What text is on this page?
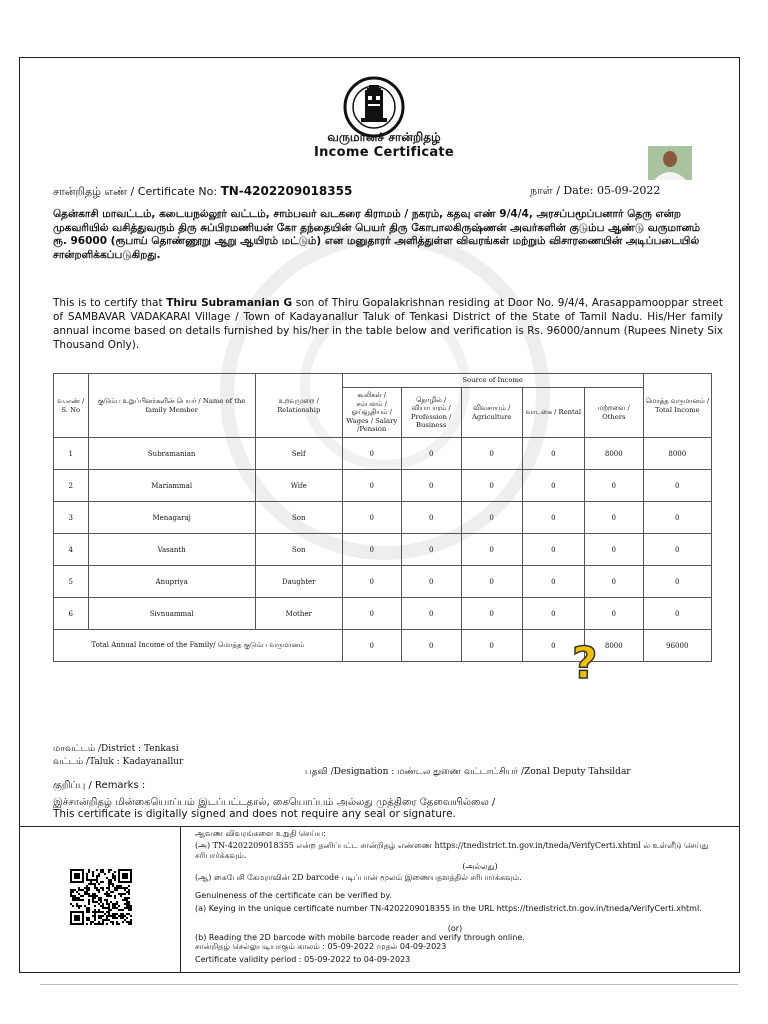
வருமானச் சான்றிதழ்
Income Certificate
சான்றிதழ் எண் / Certificate No: TN-4202209018355	நாள் / Date: 05-09-2022
தென்காசி மாவட்டம், கடையநல்லூர் வட்டம், சாம்பவர் வடகரை கிராமம் / நகரம், கதவு எண் 9/4/4, அரசப்பமூப்பனார் தெரு என்ற முகவரியில் வசித்துவரும் திரு சுப்பிரமணியன் கோ தந்தையின் பெயர் திரு கோபாலகிருஷ்ணன் அவர்களின் குடும்ப ஆண்டு வருமானம் ரூ. 96000 (ரூபாய் தொண்ணூறு ஆறு ஆயிரம் மட்டும்) என மனுதாரர் அளித்துள்ள விவரங்கள் மற்றும் விசாரணையின் அடிப்படையில் சான்றளிக்கப்படுகிறது.
This is to certify that Thiru Subramanian G son of Thiru Gopalakrishnan residing at Door No. 9/4/4, Arasappamooppar street of SAMBAVAR VADAKARAI Village / Town of Kadayanallur Taluk of Tenkasi District of the State of Tamil Nadu. His/Her family annual income based on details furnished by his/her in the table below and verification is Rs. 96000/annum (Rupees Ninety Six Thousand Only).
வ.எண் / S. No	குடும்ப உறுப்பினர்களின் பெயர் / Name of the family Member	உறவுமுறை / Relationship	Source of Income					மொத்த வருமானம் / Total Income
			கூலிகள் / சம்பளம் / ஓய்வூதியம் / Wages / Salary /Pension	தொழில் / வியாபாரம் / Profession / Business	விவசாயம் / Agriculture	வாடகை / Rental	மற்றவை / Others	
1	Subramanian	Self	0	0	0	0	8000	8000
2	Mariammal	Wife	0	0	0	0	0	0
3	Menagaraj	Son	0	0	0	0	0	0
4	Vasanth	Son	0	0	0	0	0	0
5	Anupriya	Daughter	0	0	0	0	0	0
6	Sivnuammal	Mother	0	0	0	0	0	0
Total Annual Income of the Family/ மொத்த குடும்ப வருமானம்			0	0	0	0	8000	96000
?
மாவட்டம் /District : Tenkasi
வட்டம் /Taluk : Kadayanallur
பதவி /Designation : மண்டல துணை வட்டாட்சியர் /Zonal Deputy Tahsildar
குறிப்பு / Remarks :
இச்சான்றிதழ் மின்கையொப்பம் இடப்பட்டதால், கையொப்பம் அல்லது முத்திரை தேவையில்லை /
This certificate is digitally signed and does not require any seal or signature.
ஆவண விவரங்களை உறுதி செய்ய:
(அ) TN-4202209018355 என்ற தனிப்பட்ட சான்றிதழ் எண்ணை https://tnedistrict.tn.gov.in/tneda/VerifyCerti.xhtml ல் உள்ளீடு செய்து சரிபார்க்கவும்.
(அல்லது)
(ஆ) கைபேசி கேமராவின் 2D barcode படிப்பான் மூலம் இணையதளத்தில் சரிபார்க்கவும்.
Genuineness of the certificate can be verified by.
(a) Keying in the unique certificate number TN-4202209018355 in the URL https://tnedistrict.tn.gov.in/tneda/VerifyCerti.xhtml.
(or)
(b) Reading the 2D barcode with mobile barcode reader and verify through online.
சான்றிதழ் செல்லுபடியாகும் காலம் : 05-09-2022 முதல் 04-09-2023
Certificate validity period : 05-09-2022 to 04-09-2023
